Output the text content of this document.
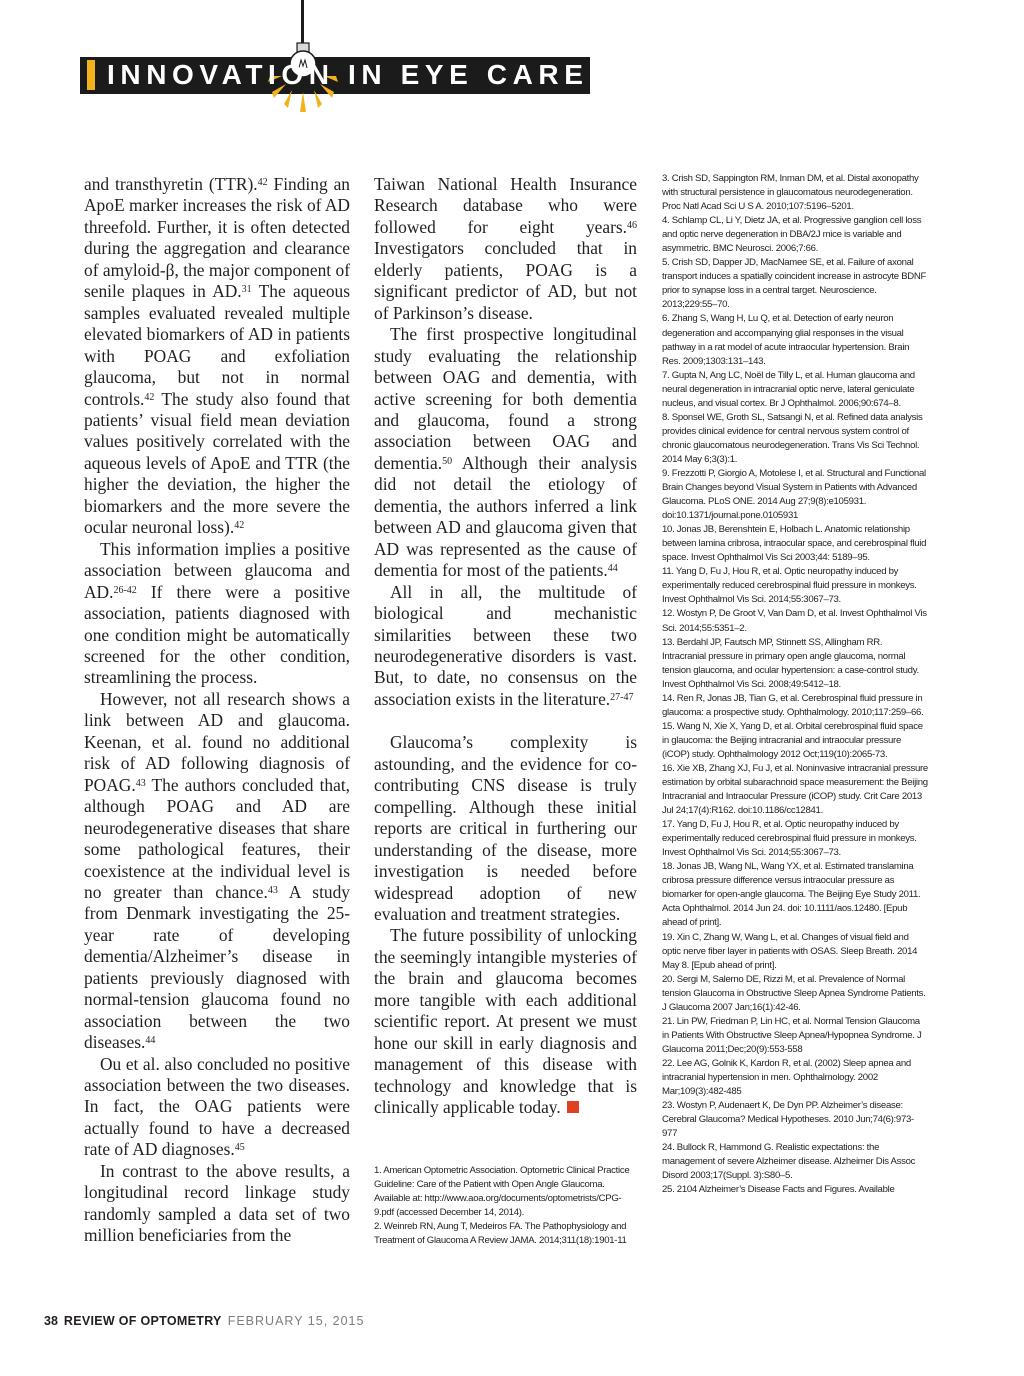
INNOVATION IN EYE CARE

and transthyretin (TTR).$^{42}$ Finding an ApoE marker increases the risk of AD threefold. Further, it is often detected during the aggregation and clearance of amyloid-β, the major component of senile plaques in AD.$^{31}$ The aqueous samples evaluated revealed multiple elevated biomarkers of AD in patients with POAG and exfoliation glaucoma, but not in normal controls.$^{42}$ The study also found that patients’ visual field mean deviation values positively correlated with the aqueous levels of ApoE and TTR (the higher the deviation, the higher the biomarkers and the more severe the ocular neuronal loss).$^{42}$

This information implies a positive association between glaucoma and AD.$^{26-42}$ If there were a positive association, patients diagnosed with one condition might be automatically screened for the other condition, streamlining the process.

However, not all research shows a link between AD and glaucoma. Keenan, et al. found no additional risk of AD following diagnosis of POAG.$^{43}$ The authors concluded that, although POAG and AD are neurodegenerative diseases that share some pathological features, their coexistence at the individual level is no greater than chance.$^{43}$ A study from Denmark investigating the 25-year rate of developing dementia/Alzheimer’s disease in patients previously diagnosed with normal-tension glaucoma found no association between the two diseases.$^{44}$

Ou et al. also concluded no positive association between the two diseases. In fact, the OAG patients were actually found to have a decreased rate of AD diagnoses.$^{45}$

In contrast to the above results, a longitudinal record linkage study randomly sampled a data set of two million beneficiaries from the

Taiwan National Health Insurance Research database who were followed for eight years.$^{46}$ Investigators concluded that in elderly patients, POAG is a significant predictor of AD, but not of Parkinson’s disease.

The first prospective longitudinal study evaluating the relationship between OAG and dementia, with active screening for both dementia and glaucoma, found a strong association between OAG and dementia.$^{50}$ Although their analysis did not detail the etiology of dementia, the authors inferred a link between AD and glaucoma given that AD was represented as the cause of dementia for most of the patients.$^{44}$

All in all, the multitude of biological and mechanistic similarities between these two neurodegenerative disorders is vast. But, to date, no consensus on the association exists in the literature.$^{27-47}$

Glaucoma’s complexity is astounding, and the evidence for co-contributing CNS disease is truly compelling. Although these initial reports are critical in furthering our understanding of the disease, more investigation is needed before widespread adoption of new evaluation and treatment strategies.

The future possibility of unlocking the seemingly intangible mysteries of the brain and glaucoma becomes more tangible with each additional scientific report. At present we must hone our skill in early diagnosis and management of this disease with technology and knowledge that is clinically applicable today.

1. American Optometric Association. Optometric Clinical Practice Guideline: Care of the Patient with Open Angle Glaucoma. Available at: http://www.aoa.org/documents/optometrists/CPG-9.pdf (accessed December 14, 2014).
2. Weinreb RN, Aung T, Medeiros FA. The Pathophysiology and Treatment of Glaucoma A Review JAMA. 2014;311(18):1901-11
3. Crish SD, Sappington RM, Inman DM, et al. Distal axonopathy with structural persistence in glaucomatous neurodegeneration. Proc Natl Acad Sci U S A. 2010;107:5196–5201.
4. Schlamp CL, Li Y, Dietz JA, et al. Progressive ganglion cell loss and optic nerve degeneration in DBA/2J mice is variable and asymmetric. BMC Neurosci. 2006;7:66.
5. Crish SD, Dapper JD, MacNamee SE, et al. Failure of axonal transport induces a spatially coincident increase in astrocyte BDNF prior to synapse loss in a central target. Neuroscience. 2013;229:55–70.
6. Zhang S, Wang H, Lu Q, et al. Detection of early neuron degeneration and accompanying glial responses in the visual pathway in a rat model of acute intraocular hypertension. Brain Res. 2009;1303:131–143.
7. Gupta N, Ang LC, Noël de Tilly L, et al. Human glaucoma and neural degeneration in intracranial optic nerve, lateral geniculate nucleus, and visual cortex. Br J Ophthalmol. 2006;90:674–8.
8. Sponsel WE, Groth SL, Satsangi N, et al. Refined data analysis provides clinical evidence for central nervous system control of chronic glaucomatous neurodegeneration. Trans Vis Sci Technol. 2014 May 6;3(3):1.
9. Frezzotti P, Giorgio A, Motolese I, et al. Structural and Functional Brain Changes beyond Visual System in Patients with Advanced Glaucoma. PLoS ONE. 2014 Aug 27;9(8):e105931. doi:10.1371/journal.pone.0105931
10. Jonas JB, Berenshtein E, Holbach L. Anatomic relationship between lamina cribrosa, intraocular space, and cerebrospinal fluid space. Invest Ophthalmol Vis Sci 2003;44: 5189–95.
11. Yang D, Fu J, Hou R, et al. Optic neuropathy induced by experimentally reduced cerebrospinal fluid pressure in monkeys. Invest Ophthalmol Vis Sci. 2014;55:3067–73.
12. Wostyn P, De Groot V, Van Dam D, et al. Invest Ophthalmol Vis Sci. 2014;55:5351–2.
13. Berdahl JP, Fautsch MP, Stinnett SS, Allingham RR. Intracranial pressure in primary open angle glaucoma, normal tension glaucoma, and ocular hypertension: a case-control study. Invest Ophthalmol Vis Sci. 2008;49:5412–18.
14. Ren R, Jonas JB, Tian G, et al. Cerebrospinal fluid pressure in glaucoma: a prospective study. Ophthalmology. 2010;117:259–66.
15. Wang N, Xie X, Yang D, et al. Orbital cerebrospinal fluid space in glaucoma: the Beijing intracranial and intraocular pressure (iCOP) study. Ophthalmology 2012 Oct;119(10):2065-73.
16. Xie XB, Zhang XJ, Fu J, et al. Noninvasive intracranial pressure estimation by orbital subarachnoid space measurement: the Beijing Intracranial and Intraocular Pressure (iCOP) study. Crit Care 2013 Jul 24;17(4):R162. doi:10.1186/cc12841.
17. Yang D, Fu J, Hou R, et al. Optic neuropathy induced by experimentally reduced cerebrospinal fluid pressure in monkeys. Invest Ophthalmol Vis Sci. 2014;55:3067–73.
18. Jonas JB, Wang NL, Wang YX, et al. Estimated translamina cribrosa pressure difference versus intraocular pressure as biomarker for open-angle glaucoma. The Beijing Eye Study 2011. Acta Ophthalmol. 2014 Jun 24. doi: 10.1111/aos.12480. [Epub ahead of print].
19. Xin C, Zhang W, Wang L, et al. Changes of visual field and optic nerve fiber layer in patients with OSAS. Sleep Breath. 2014 May 8. [Epub ahead of print].
20. Sergi M, Salerno DE, Rizzi M, et al. Prevalence of Normal tension Glaucoma in Obstructive Sleep Apnea Syndrome Patients. J Glaucoma 2007 Jan;16(1):42-46.
21. Lin PW, Friedman P, Lin HC, et al. Normal Tension Glaucoma in Patients With Obstructive Sleep Apnea/Hypopnea Syndrome. J Glaucoma 2011;Dec;20(9):553-558
22. Lee AG, Golnik K, Kardon R, et al. (2002) Sleep apnea and intracranial hypertension in men. Ophthalmology. 2002 Mar;109(3):482-485
23. Wostyn P, Audenaert K, De Dyn PP. Alzheimer’s disease: Cerebral Glaucoma? Medical Hypotheses. 2010 Jun;74(6):973-977
24. Bullock R, Hammond G. Realistic expectations: the management of severe Alzheimer disease. Alzheimer Dis Assoc Disord 2003;17(Suppl. 3):S80–5.
25. 2104 Alzheimer’s Disease Facts and Figures. Available
38 REVIEW OF OPTOMETRY FEBRUARY 15, 2015
